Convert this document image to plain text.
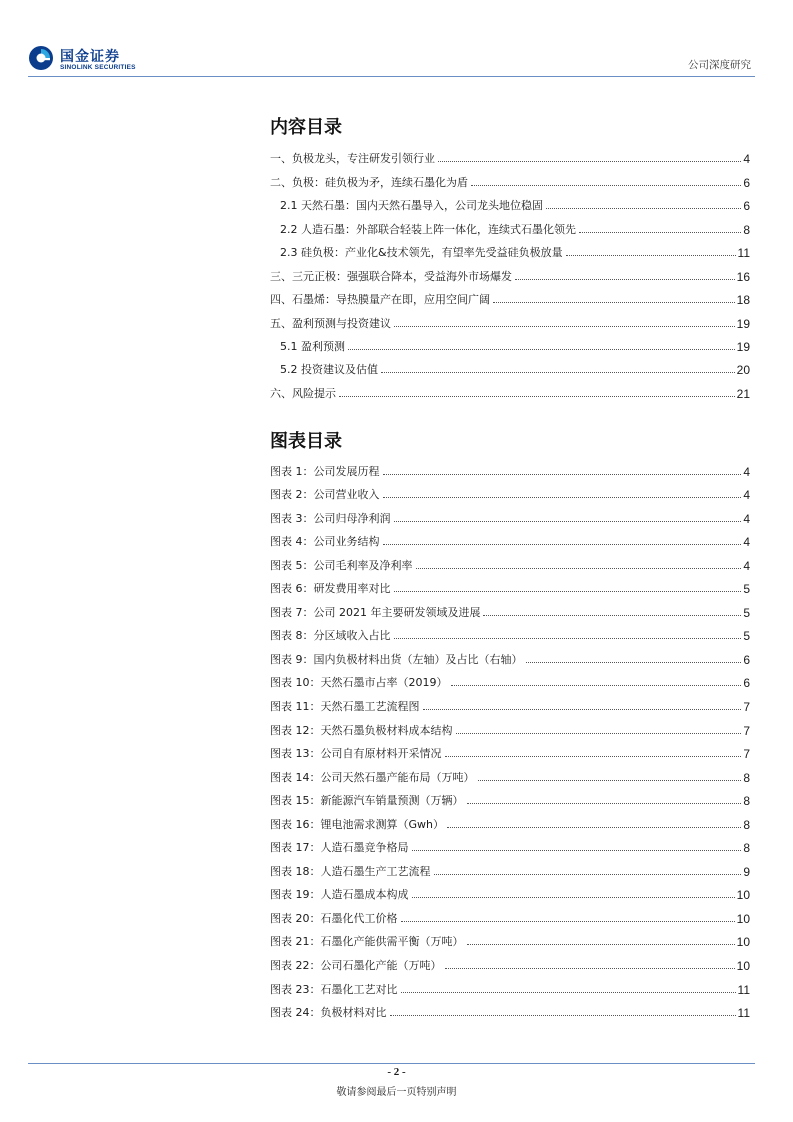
国金证券
SINOLINK SECURITIES	公司深度研究
内容目录
一、负极龙头，专注研发引领行业	4
二、负极：硅负极为矛，连续石墨化为盾	6
2.1 天然石墨：国内天然石墨导入，公司龙头地位稳固	6
2.2 人造石墨：外部联合轻装上阵一体化，连续式石墨化领先	8
2.3 硅负极：产业化&技术领先，有望率先受益硅负极放量	11
三、三元正极：强强联合降本，受益海外市场爆发	16
四、石墨烯：导热膜量产在即，应用空间广阔	18
五、盈利预测与投资建议	19
5.1 盈利预测	19
5.2 投资建议及估值	20
六、风险提示	21
图表目录
图表 1：公司发展历程	4
图表 2：公司营业收入	4
图表 3：公司归母净利润	4
图表 4：公司业务结构	4
图表 5：公司毛利率及净利率	4
图表 6：研发费用率对比	5
图表 7：公司 2021 年主要研发领域及进展	5
图表 8：分区域收入占比	5
图表 9：国内负极材料出货（左轴）及占比（右轴）	6
图表 10：天然石墨市占率（2019）	6
图表 11：天然石墨工艺流程图	7
图表 12：天然石墨负极材料成本结构	7
图表 13：公司自有原材料开采情况	7
图表 14：公司天然石墨产能布局（万吨）	8
图表 15：新能源汽车销量预测（万辆）	8
图表 16：锂电池需求测算（Gwh）	8
图表 17：人造石墨竞争格局	8
图表 18：人造石墨生产工艺流程	9
图表 19：人造石墨成本构成	10
图表 20：石墨化代工价格	10
图表 21：石墨化产能供需平衡（万吨）	10
图表 22：公司石墨化产能（万吨）	10
图表 23：石墨化工艺对比	11
图表 24：负极材料对比	11
- 2 -
敬请参阅最后一页特别声明
